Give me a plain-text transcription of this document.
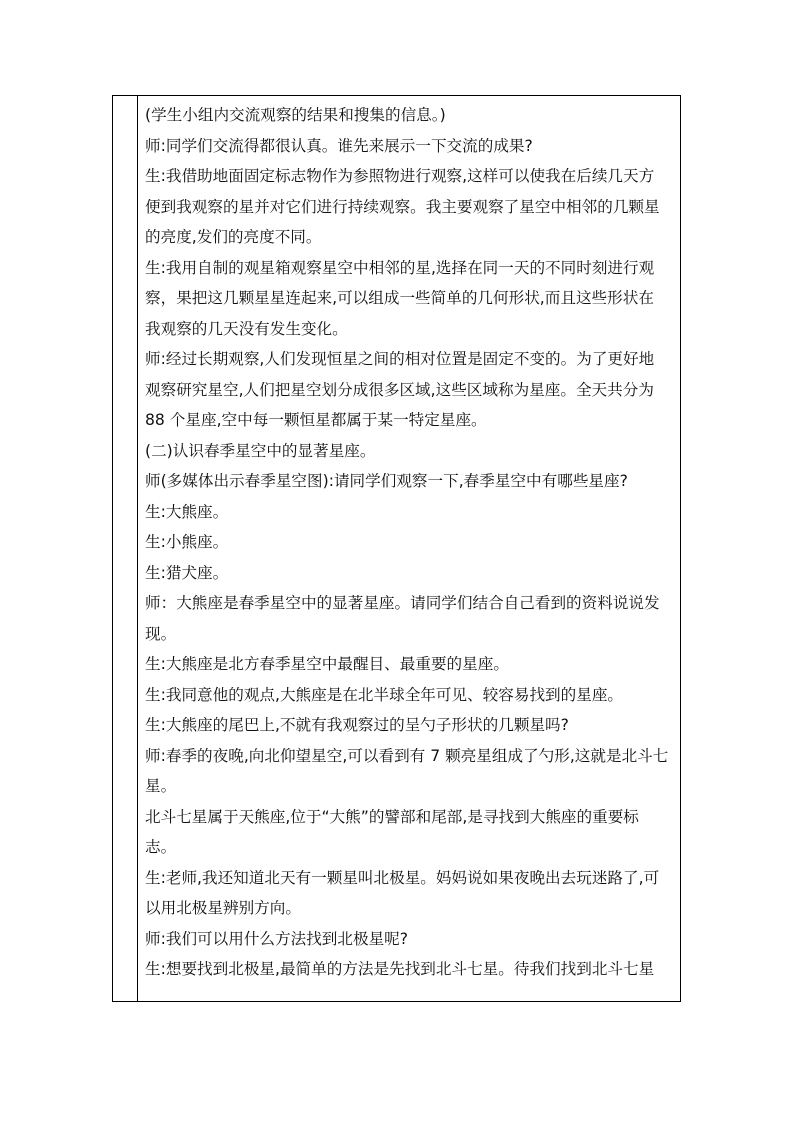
(学生小组内交流观察的结果和搜集的信息。)
师:同学们交流得都很认真。谁先来展示一下交流的成果?
生:我借助地面固定标志物作为参照物进行观察,这样可以使我在后续几天方
便到我观察的星并对它们进行持续观察。我主要观察了星空中相邻的几颗星
的亮度,发们的亮度不同。
生:我用自制的观星箱观察星空中相邻的星,选择在同一天的不同时刻进行观
察，果把这几颗星星连起来,可以组成一些简单的几何形状,而且这些形状在
我观察的几天没有发生变化。
师:经过长期观察,人们发现恒星之间的相对位置是固定不变的。为了更好地
观察研究星空,人们把星空划分成很多区域,这些区域称为星座。全天共分为
88 个星座,空中每一颗恒星都属于某一特定星座。
(二)认识春季星空中的显著星座。
师(多媒体出示春季星空图):请同学们观察一下,春季星空中有哪些星座?
生:大熊座。
生:小熊座。
生:猎犬座。
师：大熊座是春季星空中的显著星座。请同学们结合自己看到的资料说说发
现。
生:大熊座是北方春季星空中最醒目、最重要的星座。
生:我同意他的观点,大熊座是在北半球全年可见、较容易找到的星座。
生:大熊座的尾巴上,不就有我观察过的呈勺子形状的几颗星吗?
师:春季的夜晚,向北仰望星空,可以看到有 7 颗亮星组成了勺形,这就是北斗七
星。
北斗七星属于天熊座,位于“大熊”的譬部和尾部,是寻找到大熊座的重要标
志。
生:老师,我还知道北天有一颗星叫北极星。妈妈说如果夜晚出去玩迷路了,可
以用北极星辨别方向。
师:我们可以用什么方法找到北极星呢?
生:想要找到北极星,最简单的方法是先找到北斗七星。待我们找到北斗七星
